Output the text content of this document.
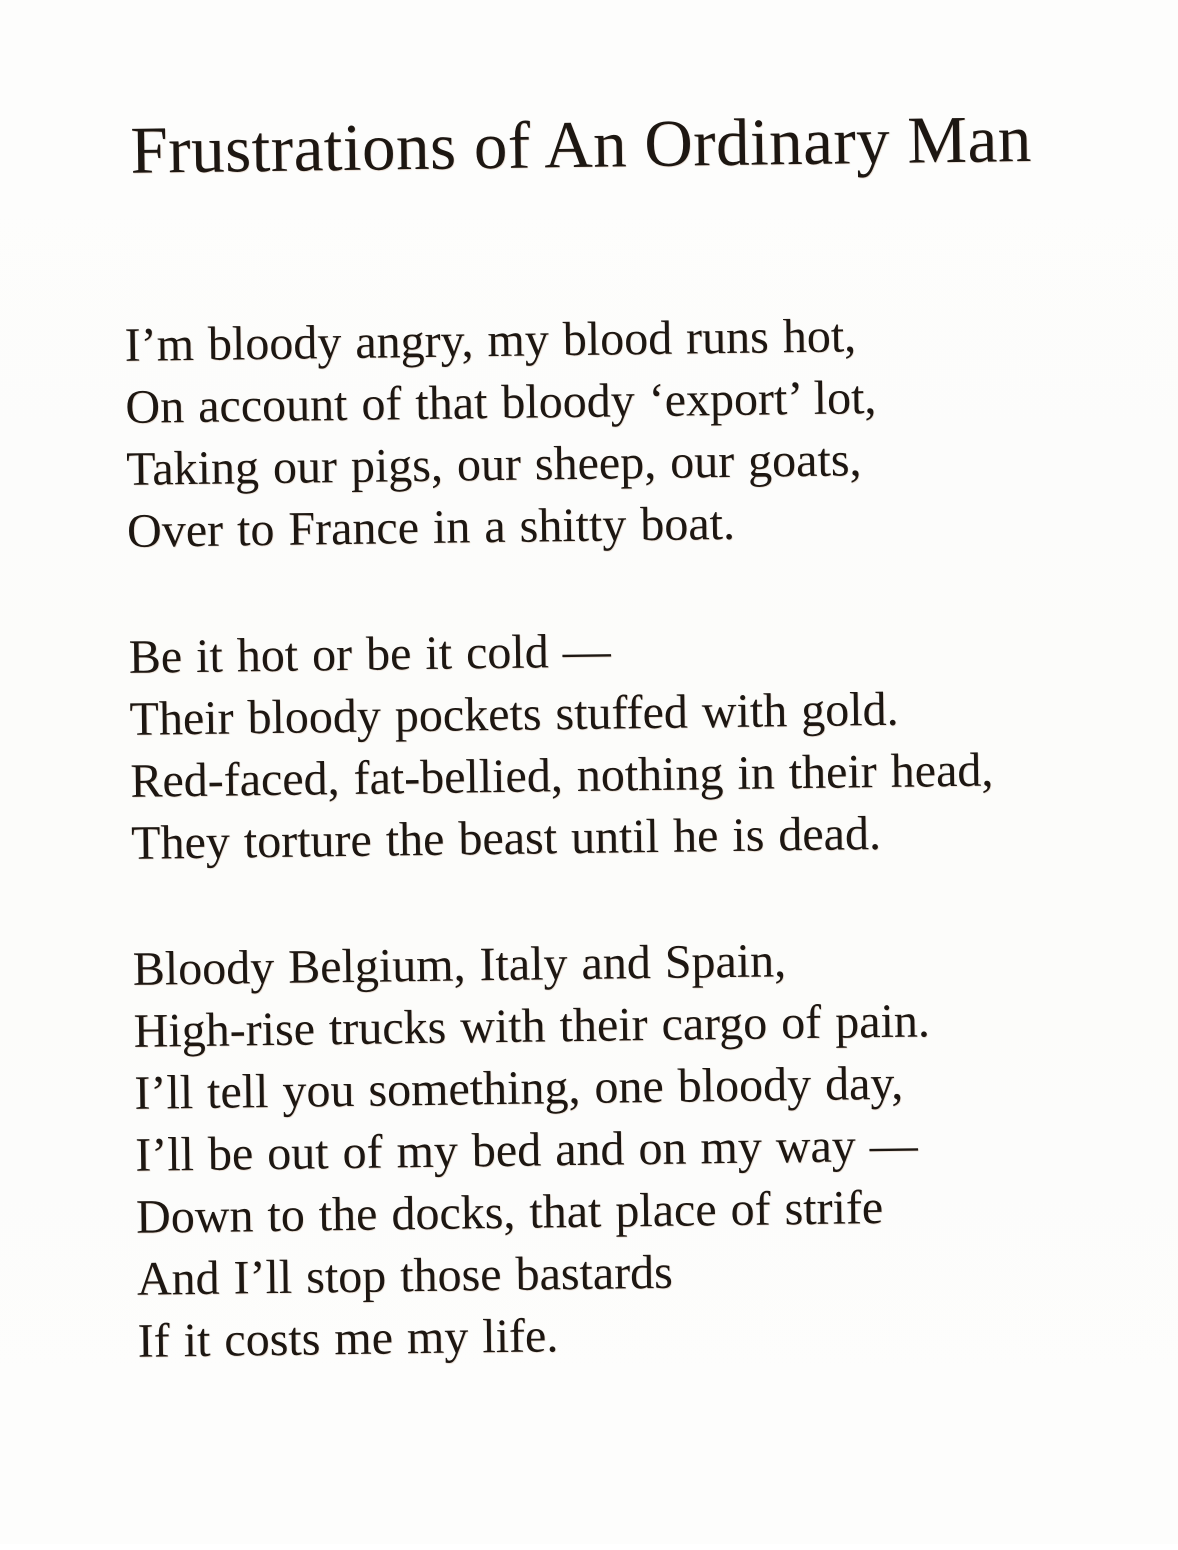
Frustrations of An Ordinary Man

I’m bloody angry, my blood runs hot,
On account of that bloody ‘export’ lot,
Taking our pigs, our sheep, our goats,
Over to France in a shitty boat.

Be it hot or be it cold —
Their bloody pockets stuffed with gold.
Red-faced, fat-bellied, nothing in their head,
They torture the beast until he is dead.

Bloody Belgium, Italy and Spain,
High-rise trucks with their cargo of pain.
I’ll tell you something, one bloody day,
I’ll be out of my bed and on my way —
Down to the docks, that place of strife
And I’ll stop those bastards
If it costs me my life.
